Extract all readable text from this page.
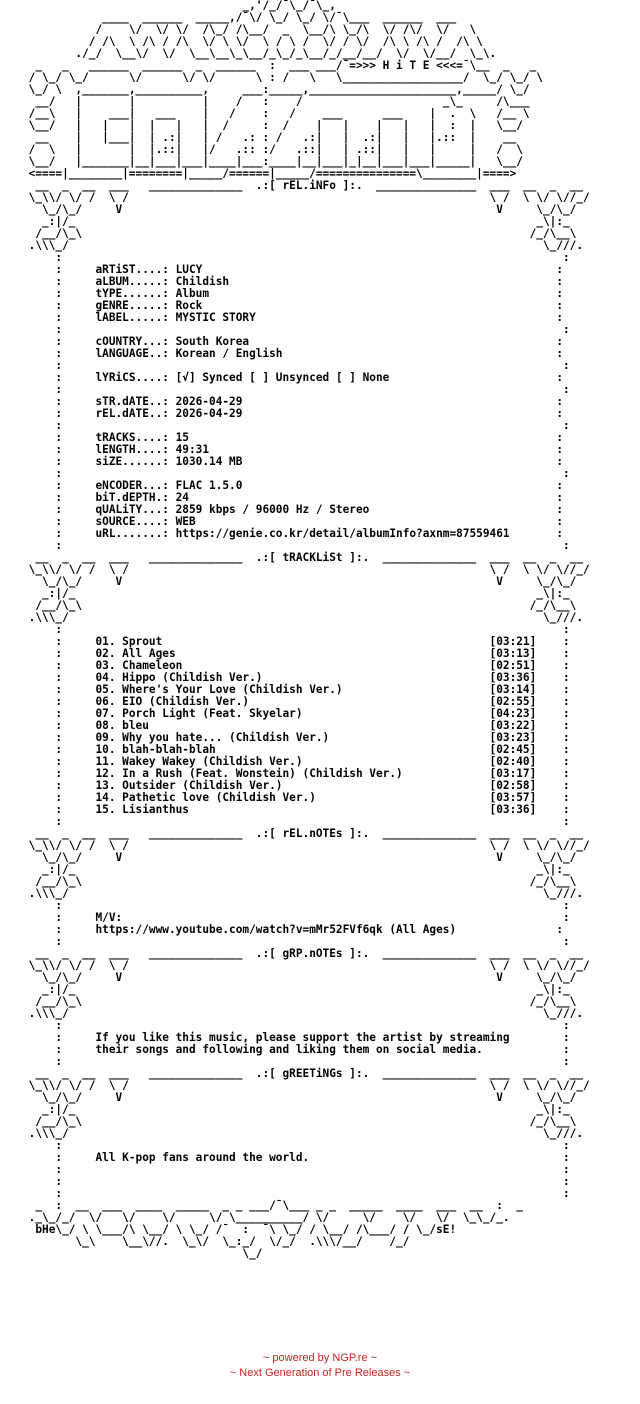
_,'/_/¯\_/¯\_,
____  ______  _____,/¯\/ \_/ \_/ \/¯\___  ______  ___
/    \/  \/ \/  /\_/ /\__/  _  \__/\ \_/\  \/ /\/  \/   \
/ /\  \ /\ / /\  \/ \ \/  \ / \ /  \/ / \/  /\ \ /\ /  /\ \
./_/  \__\/  \/  \__\__\_\__/_\_/_\__/_/__/__/  \/  \/__/  \_\.
_   _   ______  ______  _  ______  :  ___ ___/¯=>>> H i T E <<<=¯\__  _   _
/ \_/ \_/      \/      \/ \/      \ : /   \   \__________________/  \_/ \_/ \
\_/ \  ,_______,__________,     ___:_____,______________________,_____/ \_/
__/   |       |          |    /   :    /                     _\_     /\___
/__\   |    ___|   ___    |   /    :   /    ___      ___    |  .  \   /__ \
\__/   |   |   |  |   |   |  /     :  /    |   |    |   |   |  :  |   \__/
__    |   |___|  | .:|   | /   .: : /   .:|   |  .:|   |   |.::  |    __
/  \   |       |  |.::|   |/   .:: :/   .::|   | .::|   |   |     |   /  \
\__/   |_______|__|___|___|____|___:____|__|___|_|__|___|___|_____|   \__/
<====|________|========|_____/======|_____/===============\________|====>
__  _  __  ___   ______________  .:[ rEL.iNFo ]:.  _______________  ___  __  _  __
\_\\/ \/ /  \ /                                                      \ /  \ \/ \//_/
\_/\_/     V                                                        V     \_/\_/
_:|/_                                                                     _\|:_
/__/\_\                                                                   /_/\__\
.\\\_/                                                                       \_///.
:                                                                           :
:     aRTiST....: LUCY                                                     :
:     aLBUM.....: Childish                                                 :
:     tYPE......: Album                                                    :
:     gENRE.....: Rock                                                     :
:     lABEL.....: MYSTIC STORY                                             :
:                                                                           :
:     cOUNTRY...: South Korea                                              :
:     lANGUAGE..: Korean / English                                         :
:                                                                           :
:     lYRiCS....: [√] Synced [ ] Unsynced [ ] None                         :
:                                                                           :
:     sTR.dATE..: 2026-04-29                                               :
:     rEL.dATE..: 2026-04-29                                               :
:                                                                           :
:     tRACKS....: 15                                                       :
:     lENGTH....: 49:31                                                    :
:     siZE......: 1030.14 MB                                               :
:                                                                           :
:     eNCODER...: FLAC 1.5.0                                               :
:     biT.dEPTH.: 24                                                       :
:     qUALiTY...: 2859 kbps / 96000 Hz / Stereo                            :
:     sOURCE....: WEB                                                      :
:     uRL.......: https://genie.co.kr/detail/albumInfo?axnm=87559461       :
:                                                                           :
__  _  __  ___   ______________  .:[ tRACKLiSt ]:.  ______________  ___  __  _  __
\_\\/ \/ /  \ /                                                      \ /  \ \/ \//_/
\_/\_/     V                                                        V     \_/\_/
_:|/_                                                                     _\|:_
/__/\_\                                                                   /_/\__\
.\\\_/                                                                       \_///.
:                                                                           :
:     01. Sprout                                                 [03:21]    :
:     02. All Ages                                               [03:13]    :
:     03. Chameleon                                              [02:51]    :
:     04. Hippo (Childish Ver.)                                  [03:36]    :
:     05. Where's Your Love (Childish Ver.)                      [03:14]    :
:     06. EIO (Childish Ver.)                                    [02:55]    :
:     07. Porch Light (Feat. Skyelar)                            [04:23]    :
:     08. bleu                                                   [03:22]    :
:     09. Why you hate... (Childish Ver.)                        [03:23]    :
:     10. blah-blah-blah                                         [02:45]    :
:     11. Wakey Wakey (Childish Ver.)                            [02:40]    :
:     12. In a Rush (Feat. Wonstein) (Childish Ver.)             [03:17]    :
:     13. Outsider (Childish Ver.)                               [02:58]    :
:     14. Pathetic love (Childish Ver.)                          [03:57]    :
:     15. Lisianthus                                             [03:36]    :
:                                                                           :
__  _  __  ___   ______________  .:[ rEL.nOTEs ]:.  ______________  ___  __  _  __
\_\\/ \/ /  \ /                                                      \ /  \ \/ \//_/
\_/\_/     V                                                        V     \_/\_/
_:|/_                                                                     _\|:_
/__/\_\                                                                   /_/\__\
.\\\_/                                                                       \_///.
:                                                                           :
:     M/V:                                                                  :
:     https://www.youtube.com/watch?v=mMr52FVf6qk (All Ages)               :
:                                                                           :
__  _  __  ___   ______________  .:[ gRP.nOTEs ]:.  ______________  ___  __  _  __
\_\\/ \/ /  \ /                                                      \ /  \ \/ \//_/
\_/\_/     V                                                        V     \_/\_/
_:|/_                                                                     _\|:_
/__/\_\                                                                   /_/\__\
.\\\_/                                                                       \_///.
:                                                                           :
:     If you like this music, please support the artist by streaming        :
:     their songs and following and liking them on social media.            :
:                                                                           :
__  _  __  ___   ______________  .:[ gREETiNGs ]:.  ______________  ___  __  _  __
\_\\/ \/ /  \ /                                                      \ /  \ \/ \//_/
\_/\_/     V                                                        V     \_/\_/
_:|/_                                                                     _\|:_
/__/\_\                                                                   /_/\__\
.\\\_/                                                                       \_///.
:                                                                           :
:     All K-pop fans around the world.                                      :
:                                                                           :
:                                                                           :
:                                                                           :
_  :  __  ___  ____  _____  _ _ ___/¯\___ _ _  _____  ____  ___  __  :  _
._\_/_/  \/   \/    \/     \/ \__________/ \/     \/    \/   \/  \_\_/_.
bHe\_/ \ \___/\ \__/ \ \_/ /¯  :  ¯\ \_/ / \__/ /\___/ / \_/sE!
\_\    \__\//.  \_\/  \_:_/  \/_/  .\\\/__/    /_/
\_/
~ powered by NGP.re ~
~ Next Generation of Pre Releases ~
